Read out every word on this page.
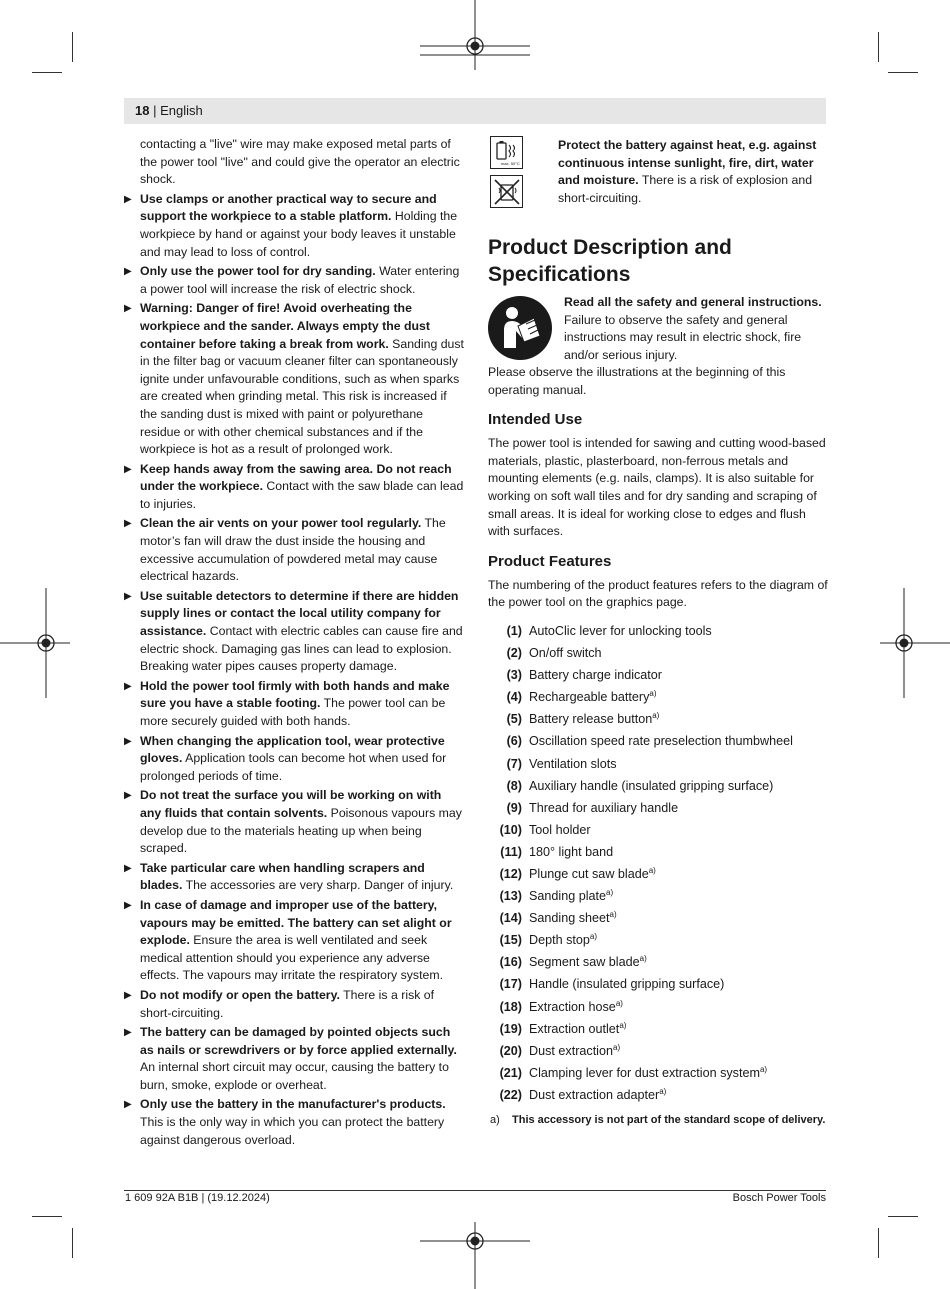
18 | English
contacting a "live" wire may make exposed metal parts of the power tool "live" and could give the operator an electric shock.
▶ Use clamps or another practical way to secure and support the workpiece to a stable platform. Holding the workpiece by hand or against your body leaves it unstable and may lead to loss of control.
▶ Only use the power tool for dry sanding. Water entering a power tool will increase the risk of electric shock.
▶ Warning: Danger of fire! Avoid overheating the workpiece and the sander. Always empty the dust container before taking a break from work. Sanding dust in the filter bag or vacuum cleaner filter can spontaneously ignite under unfavourable conditions, such as when sparks are created when grinding metal. This risk is increased if the sanding dust is mixed with paint or polyurethane residue or with other chemical substances and if the workpiece is hot as a result of prolonged work.
▶ Keep hands away from the sawing area. Do not reach under the workpiece. Contact with the saw blade can lead to injuries.
▶ Clean the air vents on your power tool regularly. The motor’s fan will draw the dust inside the housing and excessive accumulation of powdered metal may cause electrical hazards.
▶ Use suitable detectors to determine if there are hidden supply lines or contact the local utility company for assistance. Contact with electric cables can cause fire and electric shock. Damaging gas lines can lead to explosion. Breaking water pipes causes property damage.
▶ Hold the power tool firmly with both hands and make sure you have a stable footing. The power tool can be more securely guided with both hands.
▶ When changing the application tool, wear protective gloves. Application tools can become hot when used for prolonged periods of time.
▶ Do not treat the surface you will be working on with any fluids that contain solvents. Poisonous vapours may develop due to the materials heating up when being scraped.
▶ Take particular care when handling scrapers and blades. The accessories are very sharp. Danger of injury.
▶ In case of damage and improper use of the battery, vapours may be emitted. The battery can set alight or explode. Ensure the area is well ventilated and seek medical attention should you experience any adverse effects. The vapours may irritate the respiratory system.
▶ Do not modify or open the battery. There is a risk of short-circuiting.
▶ The battery can be damaged by pointed objects such as nails or screwdrivers or by force applied externally. An internal short circuit may occur, causing the battery to burn, smoke, explode or overheat.
▶ Only use the battery in the manufacturer's products. This is the only way in which you can protect the battery against dangerous overload.
max. 50°C
Protect the battery against heat, e.g. against continuous intense sunlight, fire, dirt, water and moisture. There is a risk of explosion and short-circuiting.
Product Description and Specifications
Read all the safety and general instructions. Failure to observe the safety and general instructions may result in electric shock, fire and/or serious injury.
Please observe the illustrations at the beginning of this operating manual.
Intended Use
The power tool is intended for sawing and cutting wood-based materials, plastic, plasterboard, non-ferrous metals and mounting elements (e.g. nails, clamps). It is also suitable for working on soft wall tiles and for dry sanding and scraping of small areas. It is ideal for working close to edges and flush with surfaces.
Product Features
The numbering of the product features refers to the diagram of the power tool on the graphics page.
(1) AutoClic lever for unlocking tools
(2) On/off switch
(3) Battery charge indicator
(4) Rechargeable battery$^{a)}$
(5) Battery release button$^{a)}$
(6) Oscillation speed rate preselection thumbwheel
(7) Ventilation slots
(8) Auxiliary handle (insulated gripping surface)
(9) Thread for auxiliary handle
(10) Tool holder
(11) 180° light band
(12) Plunge cut saw blade$^{a)}$
(13) Sanding plate$^{a)}$
(14) Sanding sheet$^{a)}$
(15) Depth stop$^{a)}$
(16) Segment saw blade$^{a)}$
(17) Handle (insulated gripping surface)
(18) Extraction hose$^{a)}$
(19) Extraction outlet$^{a)}$
(20) Dust extraction$^{a)}$
(21) Clamping lever for dust extraction system$^{a)}$
(22) Dust extraction adapter$^{a)}$
a) This accessory is not part of the standard scope of delivery.
1 609 92A B1B | (19.12.2024)	Bosch Power Tools
